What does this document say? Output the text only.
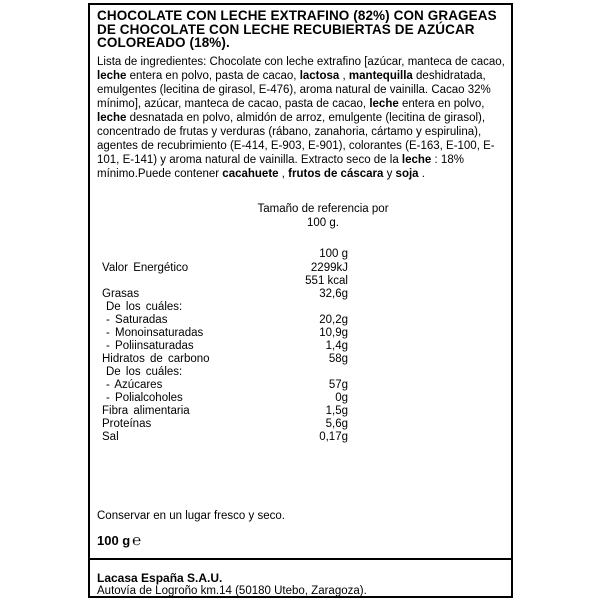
CHOCOLATE CON LECHE EXTRAFINO (82%) CON GRAGEAS DE CHOCOLATE CON LECHE RECUBIERTAS DE AZÚCAR COLOREADO (18%).

Lista de ingredientes: Chocolate con leche extrafino [azúcar, manteca de cacao, leche entera en polvo, pasta de cacao, lactosa , mantequilla deshidratada, emulgentes (lecitina de girasol, E-476), aroma natural de vainilla. Cacao 32% mínimo], azúcar, manteca de cacao, pasta de cacao, leche entera en polvo, leche desnatada en polvo, almidón de arroz, emulgente (lecitina de girasol), concentrado de frutas y verduras (rábano, zanahoria, cártamo y espirulina), agentes de recubrimiento (E-414, E-903, E-901), colorantes (E-163, E-100, E-101, E-141) y aroma natural de vainilla. Extracto seco de la leche : 18% mínimo.Puede contener cacahuete , frutos de cáscara y soja .

Tamaño de referencia por
100 g.
100 g
Valor Energético	2299kJ
551 kcal
Grasas	32,6g
De los cuáles:
- Saturadas	20,2g
- Monoinsaturadas	10,9g
- Poliinsaturadas	1,4g
Hidratos de carbono	58g
De los cuáles:
- Azúcares	57g
- Polialcoholes	0g
Fibra alimentaria	1,5g
Proteínas	5,6g
Sal	0,17g
Conservar en un lugar fresco y seco.
100 g ℮
Lacasa España S.A.U.
Autovía de Logroño km.14 (50180 Utebo, Zaragoza).
